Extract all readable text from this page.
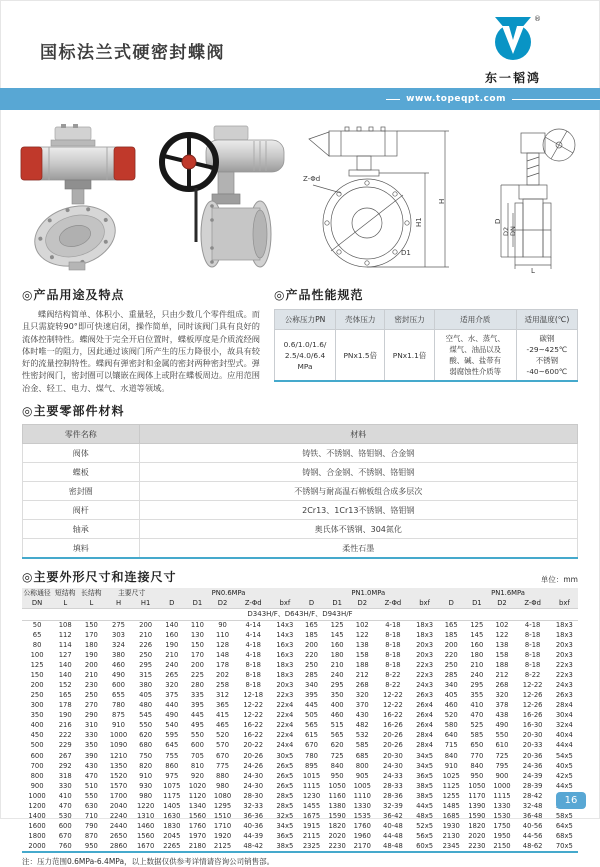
国标法兰式硬密封蝶阀
®
东一韬鸿
www.topeqpt.com
Z-Φd
H1
H
D1
D
D2 DN
L
◎产品用途及特点

蝶阀结构简单、体积小、重量轻，只由少数几个零件组成。而且只需旋转90°即可快速启闭，操作简单，同时该阀门具有良好的流体控制特性。蝶阀处于完全开启位置时，蝶板厚度是介质流经阀体时唯一的阻力，因此通过该阀门所产生的压力降很小，故具有较好的流量控制特性。蝶阀有弹密封和金属的密封两种密封型式。弹性密封阀门，密封圈可以镶嵌在阀体上或附在蝶板周边。应用范围冶金、轻工、电力、煤气、水道等领域。

◎产品性能规范
公称压力PN	壳体压力	密封压力	适用介质	适用温度(℃)
0.6/1.0/1.6/
2.5/4.0/6.4
MPa	PNx1.5倍	PNx1.1倍	空气、水、蒸气、
煤气、油品以及
酸、碱、盐带有
弱腐蚀性介质等	碳钢
-29~425℃
不锈钢
-40~600℃
◎主要零部件材料
零件名称	材料
阀体	铸铁、不锈钢、铬钼钢、合金钢
蝶板	铸钢、合金钢、不锈钢、铬钼钢
密封圈	不锈钢与耐高温石棉板组合成多层次
阀杆	2Cr13、1Cr13不锈钢、铬钼钢
轴承	奥氏体不锈钢、304氮化
填料	柔性石墨
◎主要外形尺寸和连接尺寸	单位：mm
公称通径	短结构	长结构	主要尺寸		PN0.6MPa					PN1.0MPa					PN1.6MPa				
DN	L	L	H	H1	D	D1	D2	Z-Φd	bxf	D	D1	D2	Z-Φd	bxf	D	D1	D2	Z-Φd	bxf
D343H/F、D643H/F、D943H/F																			
50	108	150	275	200	140	110	90	4-14	14x3	165	125	102	4-18	18x3	165	125	102	4-18	18x3
65	112	170	303	210	160	130	110	4-14	14x3	185	145	122	8-18	18x3	185	145	122	8-18	18x3
80	114	180	324	226	190	150	128	4-18	16x3	200	160	138	8-18	20x3	200	160	138	8-18	20x3
100	127	190	380	250	210	170	148	4-18	16x3	220	180	158	8-18	20x3	220	180	158	8-18	20x3
125	140	200	460	295	240	200	178	8-18	18x3	250	210	188	8-18	22x3	250	210	188	8-18	22x3
150	140	210	490	315	265	225	202	8-18	18x3	285	240	212	8-22	22x3	285	240	212	8-22	22x3
200	152	230	600	380	320	280	258	8-18	20x3	340	295	268	8-22	24x3	340	295	268	12-22	24x3
250	165	250	655	405	375	335	312	12-18	22x3	395	350	320	12-22	26x3	405	355	320	12-26	26x3
300	178	270	780	480	440	395	365	12-22	22x4	445	400	370	12-22	26x4	460	410	378	12-26	28x4
350	190	290	875	545	490	445	415	12-22	22x4	505	460	430	16-22	26x4	520	470	438	16-26	30x4
400	216	310	910	550	540	495	465	16-22	22x4	565	515	482	16-26	26x4	580	525	490	16-30	32x4
450	222	330	1000	620	595	550	520	16-22	22x4	615	565	532	20-26	28x4	640	585	550	20-30	40x4
500	229	350	1090	680	645	600	570	20-22	24x4	670	620	585	20-26	28x4	715	650	610	20-33	44x4
600	267	390	1210	750	755	705	670	20-26	30x5	780	725	685	20-30	34x5	840	770	725	20-36	54x5
700	292	430	1350	820	860	810	775	24-26	26x5	895	840	800	24-30	34x5	910	840	795	24-36	40x5
800	318	470	1520	910	975	920	880	24-30	26x5	1015	950	905	24-33	36x5	1025	950	900	24-39	42x5
900	330	510	1570	930	1075	1020	980	24-30	26x5	1115	1050	1005	28-33	38x5	1125	1050	1000	28-39	44x5
1000	410	550	1700	980	1175	1120	1080	28-30	28x5	1230	1160	1110	28-36	38x5	1255	1170	1115	28-42	
1200	470	630	2040	1220	1405	1340	1295	32-33	28x5	1455	1380	1330	32-39	44x5	1485	1390	1330	32-48	
1400	530	710	2240	1310	1630	1560	1510	36-36	32x5	1675	1590	1535	36-42	48x5	1685	1590	1530	36-48	58x5
1600	600	790	2440	1460	1830	1760	1710	40-36	34x5	1915	1820	1760	40-48	52x5	1930	1820	1750	40-56	64x5
1800	670	870	2650	1560	2045	1970	1920	44-39	36x5	2115	2020	1960	44-48	56x5	2130	2020	1950	44-56	68x5
2000	760	950	2860	1670	2265	2180	2125	48-42	38x5	2325	2230	2170	48-48	60x5	2345	2230	2150	48-62	70x5
注：压力范围0.6MPa-6.4MPa，以上数据仅供参考详情请咨询公司销售部。
16
